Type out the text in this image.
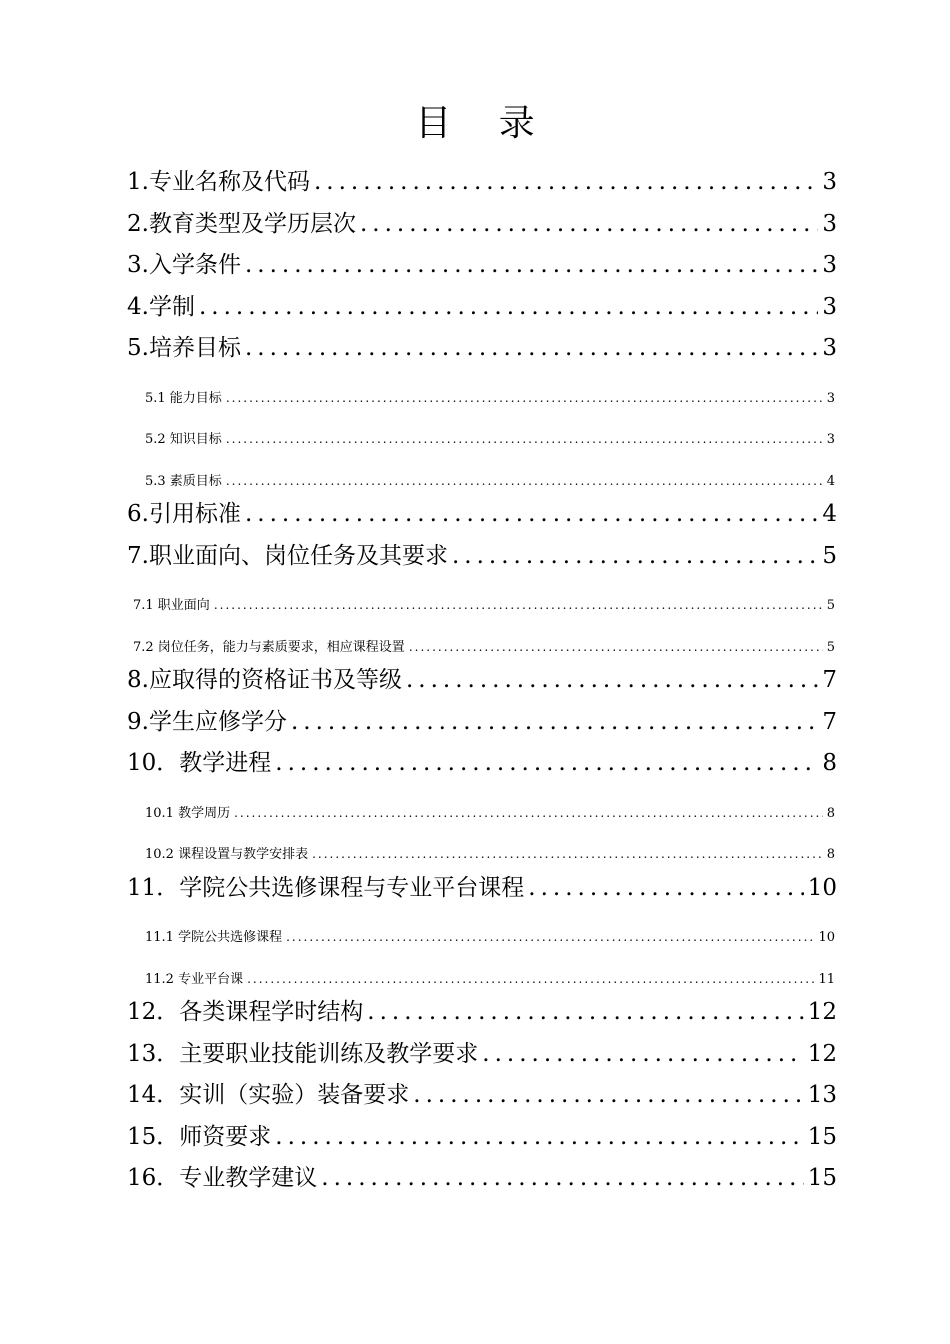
目 录
1.专业名称及代码 .....	3
2.教育类型及学历层次 .....	3
3.入学条件 .....	3
4.学制 .....	3
5.培养目标 .....	3
5.1 能力目标 .....	3
5.2 知识目标 .....	3
5.3 素质目标 .....	4
6.引用标准 .....	4
7.职业面向、岗位任务及其要求 .....	5
7.1 职业面向 .....	5
7.2 岗位任务，能力与素质要求，相应课程设置 .....	5
8.应取得的资格证书及等级 .....	7
9.学生应修学分 .....	7
10．教学进程 .....	8
10.1 教学周历 .....	8
10.2 课程设置与教学安排表 .....	8
11．学院公共选修课程与专业平台课程 .....	10
11.1 学院公共选修课程 .....	10
11.2 专业平台课 .....	11
12．各类课程学时结构 .....	12
13．主要职业技能训练及教学要求 .....	12
14．实训（实验）装备要求 .....	13
15．师资要求 .....	15
16．专业教学建议 .....	15
